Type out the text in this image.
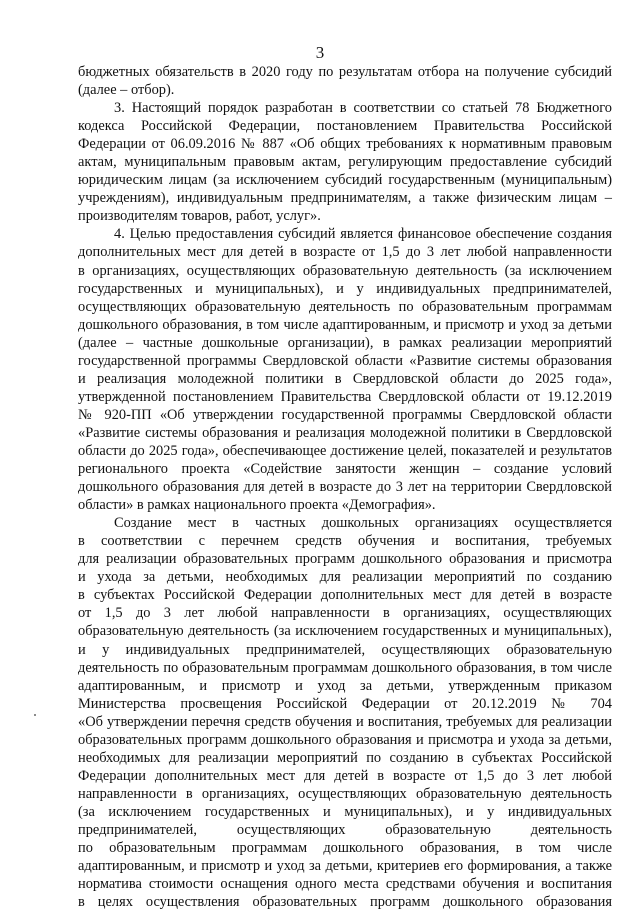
3
бюджетных обязательств в 2020 году по результатам отбора на получение субсидий
(далее – отбор).
3. Настоящий порядок разработан в соответствии со статьей 78 Бюджетного
кодекса Российской Федерации, постановлением Правительства Российской
Федерации от 06.09.2016 № 887 «Об общих требованиях к нормативным правовым
актам, муниципальным правовым актам, регулирующим предоставление субсидий
юридическим лицам (за исключением субсидий государственным (муниципальным)
учреждениям), индивидуальным предпринимателям, а также физическим лицам –
производителям товаров, работ, услуг».
4. Целью предоставления субсидий является финансовое обеспечение создания
дополнительных мест для детей в возрасте от 1,5 до 3 лет любой направленности
в организациях, осуществляющих образовательную деятельность (за исключением
государственных и муниципальных), и у индивидуальных предпринимателей,
осуществляющих образовательную деятельность по образовательным программам
дошкольного образования, в том числе адаптированным, и присмотр и уход за детьми
(далее – частные дошкольные организации), в рамках реализации мероприятий
государственной программы Свердловской области «Развитие системы образования
и реализация молодежной политики в Свердловской области до 2025 года»,
утвержденной постановлением Правительства Свердловской области от 19.12.2019
№ 920-ПП «Об утверждении государственной программы Свердловской области
«Развитие системы образования и реализация молодежной политики в Свердловской
области до 2025 года», обеспечивающее достижение целей, показателей и результатов
регионального проекта «Содействие занятости женщин – создание условий
дошкольного образования для детей в возрасте до 3 лет на территории Свердловской
области» в рамках национального проекта «Демография».
Создание мест в частных дошкольных организациях осуществляется
в соответствии с перечнем средств обучения и воспитания, требуемых
для реализации образовательных программ дошкольного образования и присмотра
и ухода за детьми, необходимых для реализации мероприятий по созданию
в субъектах Российской Федерации дополнительных мест для детей в возрасте
от 1,5 до 3 лет любой направленности в организациях, осуществляющих
образовательную деятельность (за исключением государственных и муниципальных),
и у индивидуальных предпринимателей, осуществляющих образовательную
деятельность по образовательным программам дошкольного образования, в том числе
адаптированным, и присмотр и уход за детьми, утвержденным приказом
Министерства просвещения Российской Федерации от 20.12.2019 № 704
«Об утверждении перечня средств обучения и воспитания, требуемых для реализации
образовательных программ дошкольного образования и присмотра и ухода за детьми,
необходимых для реализации мероприятий по созданию в субъектах Российской
Федерации дополнительных мест для детей в возрасте от 1,5 до 3 лет любой
направленности в организациях, осуществляющих образовательную деятельность
(за исключением государственных и муниципальных), и у индивидуальных
предпринимателей, осуществляющих образовательную деятельность
по образовательным программам дошкольного образования, в том числе
адаптированным, и присмотр и уход за детьми, критериев его формирования, а также
норматива стоимости оснащения одного места средствами обучения и воспитания
в целях осуществления образовательных программ дошкольного образования
